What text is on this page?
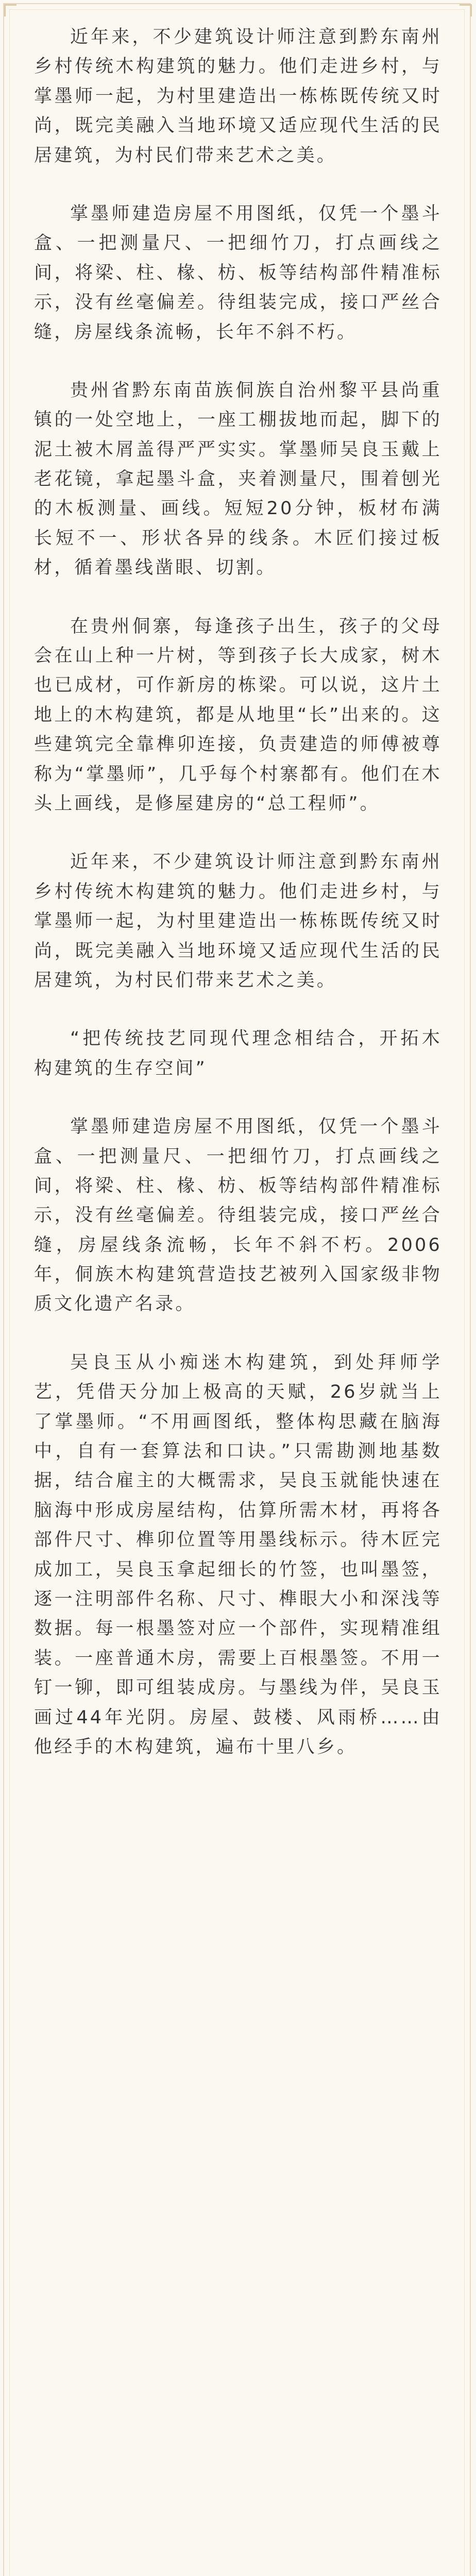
近年来，不少建筑设计师注意到黔东南州乡村传统木构建筑的魅力。他们走进乡村，与掌墨师一起，为村里建造出一栋栋既传统又时尚，既完美融入当地环境又适应现代生活的民居建筑，为村民们带来艺术之美。

掌墨师建造房屋不用图纸，仅凭一个墨斗盒、一把测量尺、一把细竹刀，打点画线之间，将梁、柱、椽、枋、板等结构部件精准标示，没有丝毫偏差。待组装完成，接口严丝合缝，房屋线条流畅，长年不斜不朽。

贵州省黔东南苗族侗族自治州黎平县尚重镇的一处空地上，一座工棚拔地而起，脚下的泥土被木屑盖得严严实实。掌墨师吴良玉戴上老花镜，拿起墨斗盒，夹着测量尺，围着刨光的木板测量、画线。短短20分钟，板材布满长短不一、形状各异的线条。木匠们接过板材，循着墨线凿眼、切割。

在贵州侗寨，每逢孩子出生，孩子的父母会在山上种一片树，等到孩子长大成家，树木也已成材，可作新房的栋梁。可以说，这片土地上的木构建筑，都是从地里“长”出来的。这些建筑完全靠榫卯连接，负责建造的师傅被尊称为“掌墨师”，几乎每个村寨都有。他们在木头上画线，是修屋建房的“总工程师”。

近年来，不少建筑设计师注意到黔东南州乡村传统木构建筑的魅力。他们走进乡村，与掌墨师一起，为村里建造出一栋栋既传统又时尚，既完美融入当地环境又适应现代生活的民居建筑，为村民们带来艺术之美。

“把传统技艺同现代理念相结合，开拓木构建筑的生存空间”

掌墨师建造房屋不用图纸，仅凭一个墨斗盒、一把测量尺、一把细竹刀，打点画线之间，将梁、柱、椽、枋、板等结构部件精准标示，没有丝毫偏差。待组装完成，接口严丝合缝，房屋线条流畅，长年不斜不朽。2006年，侗族木构建筑营造技艺被列入国家级非物质文化遗产名录。

吴良玉从小痴迷木构建筑，到处拜师学艺，凭借天分加上极高的天赋，26岁就当上了掌墨师。“不用画图纸，整体构思藏在脑海中，自有一套算法和口诀。”只需勘测地基数据，结合雇主的大概需求，吴良玉就能快速在脑海中形成房屋结构，估算所需木材，再将各部件尺寸、榫卯位置等用墨线标示。待木匠完成加工，吴良玉拿起细长的竹签，也叫墨签，逐一注明部件名称、尺寸、榫眼大小和深浅等数据。每一根墨签对应一个部件，实现精准组装。一座普通木房，需要上百根墨签。不用一钉一铆，即可组装成房。与墨线为伴，吴良玉画过44年光阴。房屋、鼓楼、风雨桥……由他经手的木构建筑，遍布十里八乡。
